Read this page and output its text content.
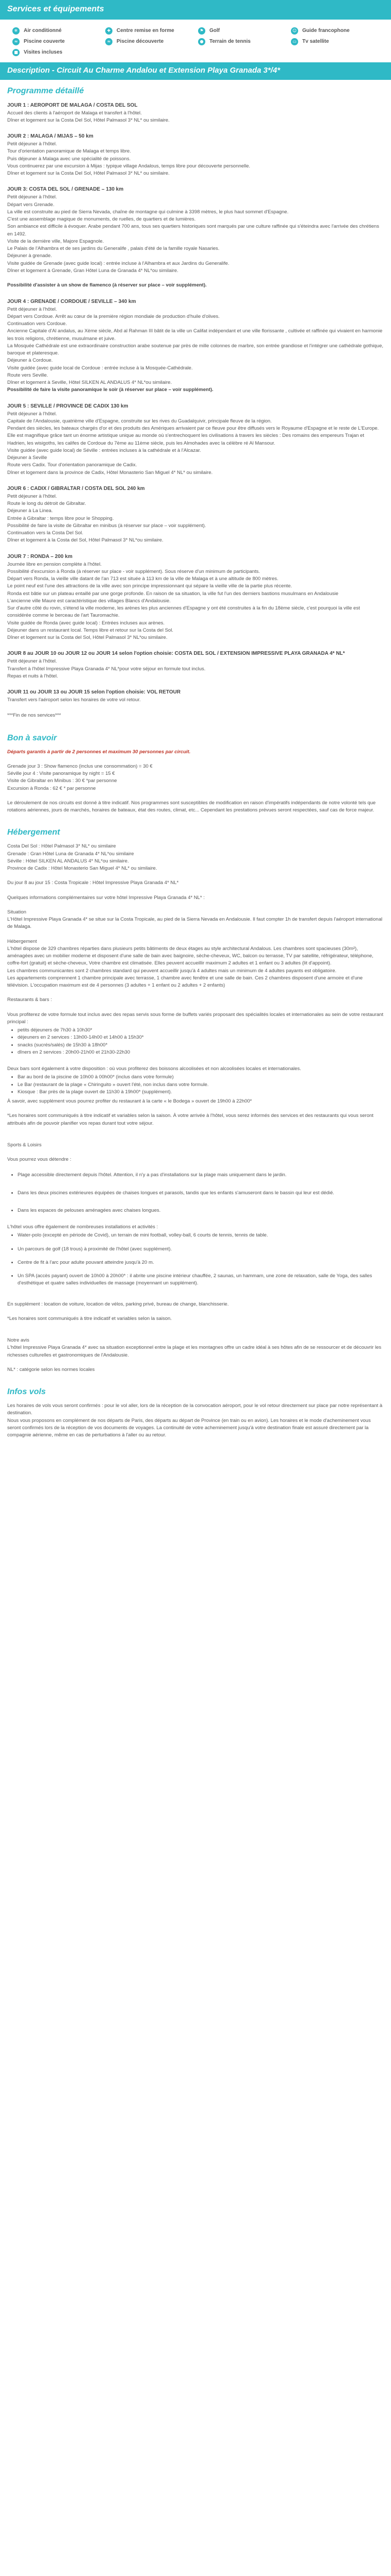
Services et équipements
❄	Air conditionné	✚	Centre remise en forme	⚑	Golf	☺ Guide francophone
≈	Piscine couverte	≈	Piscine découverte	●	Terrain de tennis	▭	Tv satellite
■	Visites incluses
Description - Circuit Au Charme Andalou et Extension Playa Granada 3*/4*
Programme détaillé
JOUR 1 : AEROPORT DE MALAGA / COSTA DEL SOL

Accueil des clients à l'aéroport de Malaga et transfert à l'hôtel.

Dîner et logement sur la Costa Del Sol, Hôtel Palmasol 3* NL* ou similaire.

JOUR 2 : MALAGA / MIJAS – 50 km

Petit déjeuner à l'hôtel.

Tour d'orientation panoramique de Malaga et temps libre.

Puis déjeuner à Malaga avec une spécialité de poissons.

Vous continuerez par une excursion à Mijas : typique village Andalous, temps libre pour découverte personnelle.

Dîner et logement sur la Costa Del Sol, Hôtel Palmasol 3* NL* ou similaire.

JOUR 3: COSTA DEL SOL / GRENADE – 130 km

Petit déjeuner à l'hôtel.

Départ vers Grenade.

La ville est construite au pied de Sierra Nevada, chaîne de montagne qui culmine à 3398 mètres, le plus haut sommet d'Espagne.

C'est une assemblage magique de monuments, de ruelles, de quartiers et de lumières.

Son ambiance est difficile à évoquer. Arabe pendant 700 ans, tous ses quartiers historiques sont marqués par une culture raffinée qui s'éteindra avec l'arrivée des chrétiens en 1492.

Visite de la dernière ville, Majore Espagnole.

Le Palais de l'Alhambra et de ses jardins du Generalife , palais d'été de la famille royale Nasaries.

Déjeuner à grenade.

Visite guidée de Grenade (avec guide local) : entrée incluse à l'Alhambra et aux Jardins du Generalife.

Dîner et logement à Grenade, Gran Hôtel Luna de Granada 4* NL*ou similaire.

Possibilité d'assister à un show de flamenco (à réserver sur place – voir supplément).

JOUR 4 : GRENADE / CORDOUE / SEVILLE – 340 km

Petit déjeuner à l'hôtel.

Départ vers Cordoue. Arrêt au cœur de la première région mondiale de production d'huile d'olives.

Continuation vers Cordoue.

Ancienne Capitale d'Al andalus, au Xème siècle, Abd al Rahman III bâtit de la ville un Califat indépendant et une ville florissante , cultivée et raffinée qui vivaient en harmonie les trois religions, chrétienne, musulmane et juive.

La Mosquée Cathédrale est une extraordinaire construction arabe soutenue par près de mille colonnes de marbre, son entrée grandiose et l'intégrer une cathédrale gothique, baroque et plateresque.

Déjeuner à Cordoue.

Visite guidée (avec guide local de Cordoue : entrée incluse à la Mosquée-Cathédrale.

Route vers Seville.

Dîner et logement à Seville, Hôtel SILKEN AL ANDALUS 4* NL*ou similaire.

Possibilité de faire la visite panoramique le soir (à réserver sur place – voir supplément).

JOUR 5 : SEVILLE / PROVINCE DE CADIX 130 km

Petit déjeuner à l'hôtel.

Capitale de l'Andalousie, quatrième ville d'Espagne, construite sur les rives du Guadalquivir, principale fleuve de la région.

Pendant des siècles, les bateaux chargés d'or et des produits des Amériques arrivaient par ce fleuve pour être diffusés vers le Royaume d'Espagne et le reste de L'Europe.

Elle est magnifique grâce tant un énorme artistique unique au monde où s'entrechoquent les civilisations à travers les siècles : Des romains des empereurs Trajan et Hadrien, les wisigoths, les califes de Cordoue du 7ème au 11ème siècle, puis les Almohades avec la célèbre ré Al Mansour.

Visite guidée (avec guide local) de Séville : entrées incluses à la cathédrale et à l'Alcazar.

Déjeuner à Seville

Route vers Cadix. Tour d'orientation panoramique de Cadix.

Dîner et logement dans la province de Cadix, Hôtel Monasterio San Miguel 4* NL* ou similaire.

JOUR 6 : CADIX / GIBRALTAR / COSTA DEL SOL 240 km

Petit déjeuner à l'hôtel.

Route le long du détroit de Gibraltar.

Déjeuner à La Linea.

Entrée à Gibraltar : temps libre pour le Shopping.

Possibilité de faire la visite de Gibraltar en minibus (à réserver sur place – voir supplément).

Continuation vers la Costa Del Sol.

Dîner et logement à la Costa del Sol, Hôtel Palmasol 3* NL*ou similaire.

JOUR 7 : RONDA – 200 km

Journée libre en pension complète à l'hôtel.

Possibilité d'excursion à Ronda (à réserver sur place - voir supplément). Sous réserve d'un minimum de participants.

Départ vers Ronda, la vieille ville datant de l'an 713 est située à 113 km de la ville de Malaga et à une altitude de 800 mètres.

Le point neuf est l'une des attractions de la ville avec son principe impressionnant qui sépare la vieille ville de la partie plus récente.

Ronda est bâtie sur un plateau entaillé par une gorge profonde. En raison de sa situation, la ville fut l'un des derniers bastions musulmans en Andalousie

L'ancienne ville Maure est caractéristique des villages Blancs d'Andalousie.

Sur d'autre côté du rovin, s'étend la ville moderne, les arènes les plus anciennes d'Espagne y ont été construites à la fin du 18ème siècle, c'est pourquoi la ville est considérée comme le berceau de l'art Tauromachie.

Visite guidée de Ronda (avec guide local) : Entrées incluses aux arènes.

Déjeuner dans un restaurant local. Temps libre et retour sur la Costa del Sol.

Dîner et logement sur la Costa del Sol, Hôtel Palmasol 3* NL*ou similaire.

JOUR 8 au JOUR 10 ou JOUR 12 ou JOUR 14 selon l'option choisie: COSTA DEL SOL / EXTENSION IMPRESSIVE PLAYA GRANADA 4* NL*

Petit déjeuner à l'hôtel.

Transfert à l'hôtel Impressive Playa Granada 4* NL*pour votre séjour en formule tout inclus.

Repas et nuits à l'hôtel.

JOUR 11 ou JOUR 13 ou JOUR 15 selon l'option choisie: VOL RETOUR

Transfert vers l'aéroport selon les horaires de votre vol retour.

***Fin de nos services***

Bon à savoir

Départs garantis à partir de 2 personnes et maximum 30 personnes par circuit.

Grenade jour 3 : Show flamenco (inclus une consommation) = 30 €

Séville jour 4 : Visite panoramique by night = 15 €

Visite de Gibraltar en Minibus : 30 € *par personne

Excursion à Ronda : 62 € * par personne

Le déroulement de nos circuits est donné à titre indicatif. Nos programmes sont susceptibles de modification en raison d'impératifs indépendants de notre volonté tels que rotations aériennes, jours de marchés, horaires de bateaux, état des routes, climat, etc... Cependant les prestations prévues seront respectées, sauf cas de force majeur.

Hébergement

Costa Del Sol : Hôtel Palmasol 3* NL* ou similaire

Grenade : Gran Hôtel Luna de Granada 4* NL*ou similaire

Séville : Hôtel SILKEN AL ANDALUS 4* NL*ou similaire.

Province de Cadix : Hôtel Monasterio San Miguel 4* NL* ou similaire.

Du jour 8 au jour 15 : Costa Tropicale : Hôtel Impressive Playa Granada 4* NL*

Quelques informations complémentaires sur votre hôtel Impressive Playa Granada 4* NL* :

Situation

L'Hôtel Impressive Playa Granada 4* se situe sur la Costa Tropicale, au pied de la Sierra Nevada en Andalousie. Il faut compter 1h de transfert depuis l'aéroport international de Malaga.

Hébergement

L'hôtel dispose de 329 chambres réparties dans plusieurs petits bâtiments de deux étages au style architectural Andalous. Les chambres sont spacieuses (30m²), aménagées avec un mobilier moderne et disposent d'une salle de bain avec baignoire, sèche-cheveux, WC, balcon ou terrasse, TV par satellite, réfrigérateur, téléphone, coffre-fort (gratuit) et sèche-cheveux, Votre chambre est climatisée. Elles peuvent accueillir maximum 2 adultes et 1 enfant ou 3 adultes (lit d'appoint).

Les chambres communicantes sont 2 chambres standard qui peuvent accueillir jusqu'à 4 adultes mais un minimum de 4 adultes payants est obligatoire.

Les appartements comprennent 1 chambre principale avec terrasse, 1 chambre avec fenêtre et une salle de bain. Ces 2 chambres disposent d'une armoire et d'une télévision. L'occupation maximum est de 4 personnes (3 adultes + 1 enfant ou 2 adultes + 2 enfants)

Restaurants & bars :

Vous profiterez de votre formule tout inclus avec des repas servis sous forme de buffets variés proposant des spécialités locales et internationales au sein de votre restaurant principal :

• petits déjeuners de 7h30 à 10h30*
• déjeuners en 2 services : 13h00-14h00 et 14h00 à 15h30*
• snacks (sucrés/salés) de 15h30 à 18h00*
• dîners en 2 services : 20h00-21h00 et 21h30-22h30

Deux bars sont également à votre disposition : où vous profiterez des boissons alcoolisées et non alcoolisées locales et internationales.

• Bar au bord de la piscine de 10h00 à 00h00* (inclus dans votre formule)
• Le Bar (restaurant de la plage « Chiringuito » ouvert l'été, non inclus dans votre formule.
• Kiosque : Bar près de la plage ouvert de 11h30 à 19h00* (supplément).

À savoir, avec supplément vous pourrez profiter du restaurant à la carte « le Bodega » ouvert de 19h00 à 22h00*

*Les horaires sont communiqués à titre indicatif et variables selon la saison. À votre arrivée à l'hôtel, vous serez informés des services et des restaurants qui vous seront attribués afin de pouvoir planifier vos repas durant tout votre séjour.

Sports & Loisirs

Vous pourrez vous détendre :

• Plage accessible directement depuis l'hôtel. Attention, il n'y a pas d'installations sur la plage mais uniquement dans le jardin.
• Dans les deux piscines extérieures équipées de chaises longues et parasols, tandis que les enfants s'amuseront dans le bassin qui leur est dédié.
• Dans les espaces de pelouses aménagées avec chaises longues.

L'hôtel vous offre également de nombreuses installations et activités :

• Water-polo (excepté en période de Covid), un terrain de mini football, volley-ball, 6 courts de tennis, tennis de table.
• Un parcours de golf (18 trous) à proximité de l'hôtel (avec supplément).
• Centre de fit à l'arc pour adulte pouvant atteindre jusqu'à 20 m.
• Un SPA (accès payant) ouvert de 10h00 à 20h00* : il abrite une piscine intérieur chauffée, 2 saunas, un hammam, une zone de relaxation, salle de Yoga, des salles d'esthétique et quatre salles individuelles de massage (moyennant un supplément).

En supplément : location de voiture, location de vélos, parking privé, bureau de change, blanchisserie.

*Les horaires sont communiqués à titre indicatif et variables selon la saison.

Notre avis

L'hôtel Impressive Playa Granada 4* avec sa situation exceptionnel entre la plage et les montagnes offre un cadre idéal à ses hôtes afin de se ressourcer et de découvrir les richesses culturelles et gastronomiques de l'Andalousie.

NL* : catégorie selon les normes locales

Infos vols

Les horaires de vols vous seront confirmés : pour le vol aller, lors de la réception de la convocation aéroport, pour le vol retour directement sur place par notre représentant à destination.

Nous vous proposons en complément de nos départs de Paris, des départs au départ de Province (en train ou en avion). Les horaires et le mode d'acheminement vous seront confirmés lors de la réception de vos documents de voyages. La continuité de votre acheminement jusqu'à votre destination finale est assuré directement par la compagnie aérienne, même en cas de perturbations à l'aller ou au retour.
